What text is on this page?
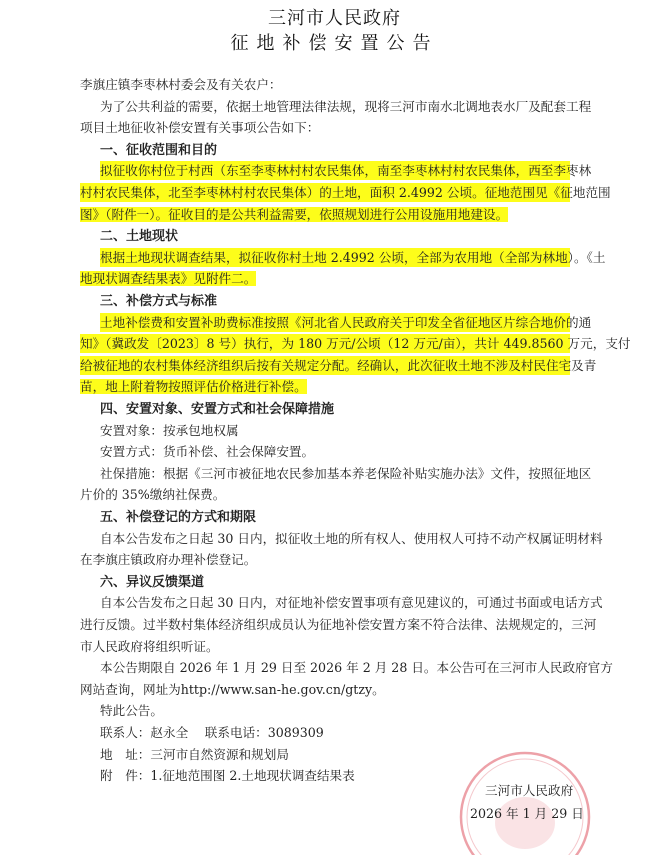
三河市人民政府
征地补偿安置公告
李旗庄镇李枣林村委会及有关农户：
为了公共利益的需要，依据土地管理法律法规，现将三河市南水北调地表水厂及配套工程
项目土地征收补偿安置有关事项公告如下：
一、征收范围和目的
拟征收你村位于村西（东至李枣林村村农民集体，南至李枣林村村农民集体，西至李枣林
村村农民集体，北至李枣林村村农民集体）的土地，面积 2.4992 公顷。征地范围见《征地范围
图》（附件一）。征收目的是公共利益需要，依照规划进行公用设施用地建设。
二、土地现状
根据土地现状调查结果，拟征收你村土地 2.4992 公顷，全部为农用地（全部为林地）。《土
地现状调查结果表》见附件二。
三、补偿方式与标准
土地补偿费和安置补助费标准按照《河北省人民政府关于印发全省征地区片综合地价的通
知》（冀政发〔2023〕8 号）执行，为 180 万元/公顷（12 万元/亩），共计 449.8560 万元，支付
给被征地的农村集体经济组织后按有关规定分配。经确认，此次征收土地不涉及村民住宅及青
苗，地上附着物按照评估价格进行补偿。
四、安置对象、安置方式和社会保障措施
安置对象：按承包地权属
安置方式：货币补偿、社会保障安置。
社保措施：根据《三河市被征地农民参加基本养老保险补贴实施办法》文件，按照征地区
片价的 35%缴纳社保费。
五、补偿登记的方式和期限
自本公告发布之日起 30 日内，拟征收土地的所有权人、使用权人可持不动产权属证明材料
在李旗庄镇政府办理补偿登记。
六、异议反馈渠道
自本公告发布之日起 30 日内，对征地补偿安置事项有意见建议的，可通过书面或电话方式
进行反馈。过半数村集体经济组织成员认为征地补偿安置方案不符合法律、法规规定的，三河
市人民政府将组织听证。
本公告期限自 2026 年 1 月 29 日至 2026 年 2 月 28 日。本公告可在三河市人民政府官方
网站查询，网址为http://www.san-he.gov.cn/gtzy。
特此公告。
联系人：赵永全　 联系电话：3089309
地　址：三河市自然资源和规划局
附　件：1.征地范围图 2.土地现状调查结果表
三河市人民政府
2026 年 1 月 29 日
